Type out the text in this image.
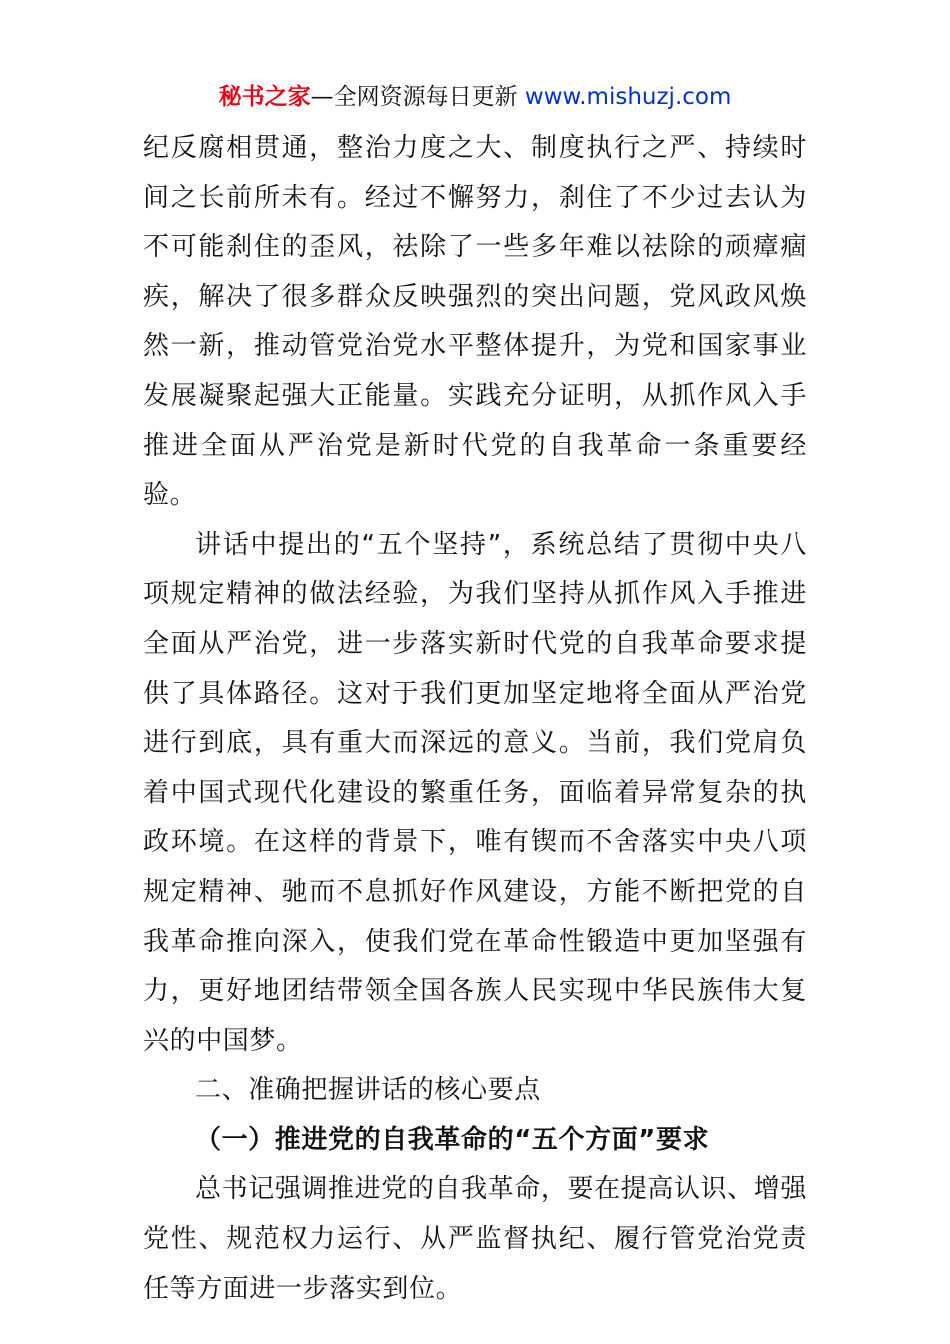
秘书之家—全网资源每日更新 www.mishuzj.com

纪反腐相贯通，整治力度之大、制度执行之严、持续时间之长前所未有。经过不懈努力，刹住了不少过去认为不可能刹住的歪风，祛除了一些多年难以祛除的顽瘴痼疾，解决了很多群众反映强烈的突出问题，党风政风焕然一新，推动管党治党水平整体提升，为党和国家事业发展凝聚起强大正能量。实践充分证明，从抓作风入手推进全面从严治党是新时代党的自我革命一条重要经验。

讲话中提出的“五个坚持”，系统总结了贯彻中央八项规定精神的做法经验，为我们坚持从抓作风入手推进全面从严治党，进一步落实新时代党的自我革命要求提供了具体路径。这对于我们更加坚定地将全面从严治党进行到底，具有重大而深远的意义。当前，我们党肩负着中国式现代化建设的繁重任务，面临着异常复杂的执政环境。在这样的背景下，唯有锲而不舍落实中央八项规定精神、驰而不息抓好作风建设，方能不断把党的自我革命推向深入，使我们党在革命性锻造中更加坚强有力，更好地团结带领全国各族人民实现中华民族伟大复兴的中国梦。

二、准确把握讲话的核心要点

（一）推进党的自我革命的“五个方面”要求

总书记强调推进党的自我革命，要在提高认识、增强党性、规范权力运行、从严监督执纪、履行管党治党责任等方面进一步落实到位。
